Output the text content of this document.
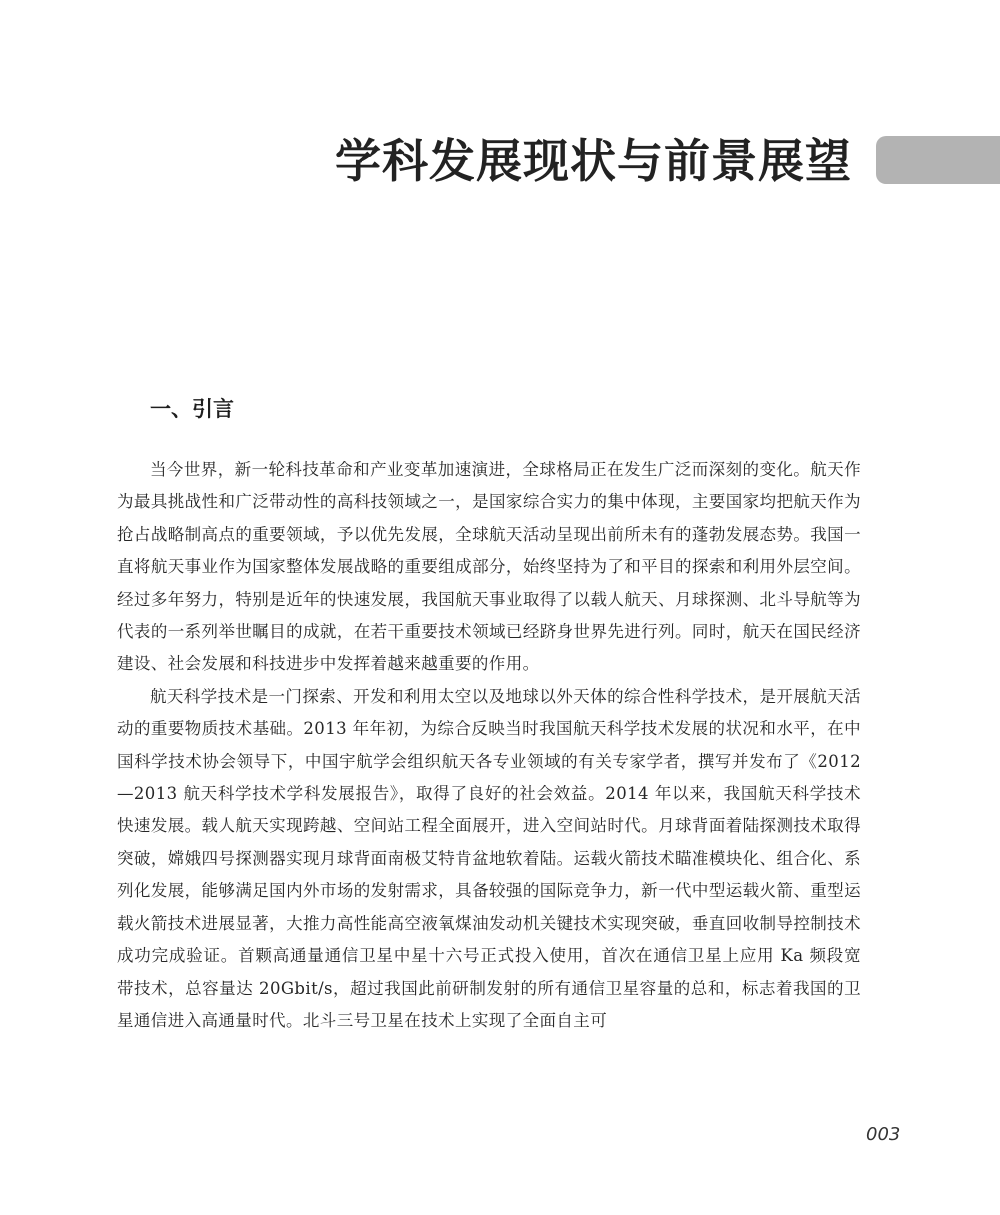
学科发展现状与前景展望
一、引言

当今世界，新一轮科技革命和产业变革加速演进，全球格局正在发生广泛而深刻的变化。航天作为最具挑战性和广泛带动性的高科技领域之一，是国家综合实力的集中体现，主要国家均把航天作为抢占战略制高点的重要领域，予以优先发展，全球航天活动呈现出前所未有的蓬勃发展态势。我国一直将航天事业作为国家整体发展战略的重要组成部分，始终坚持为了和平目的探索和利用外层空间。经过多年努力，特别是近年的快速发展，我国航天事业取得了以载人航天、月球探测、北斗导航等为代表的一系列举世瞩目的成就，在若干重要技术领域已经跻身世界先进行列。同时，航天在国民经济建设、社会发展和科技进步中发挥着越来越重要的作用。

航天科学技术是一门探索、开发和利用太空以及地球以外天体的综合性科学技术，是开展航天活动的重要物质技术基础。2013 年年初，为综合反映当时我国航天科学技术发展的状况和水平，在中国科学技术协会领导下，中国宇航学会组织航天各专业领域的有关专家学者，撰写并发布了《2012—2013 航天科学技术学科发展报告》，取得了良好的社会效益。2014 年以来，我国航天科学技术快速发展。载人航天实现跨越、空间站工程全面展开，进入空间站时代。月球背面着陆探测技术取得突破，嫦娥四号探测器实现月球背面南极艾特肯盆地软着陆。运载火箭技术瞄准模块化、组合化、系列化发展，能够满足国内外市场的发射需求，具备较强的国际竞争力，新一代中型运载火箭、重型运载火箭技术进展显著，大推力高性能高空液氧煤油发动机关键技术实现突破，垂直回收制导控制技术成功完成验证。首颗高通量通信卫星中星十六号正式投入使用，首次在通信卫星上应用 Ka 频段宽带技术，总容量达 20Gbit/s，超过我国此前研制发射的所有通信卫星容量的总和，标志着我国的卫星通信进入高通量时代。北斗三号卫星在技术上实现了全面自主可

003
